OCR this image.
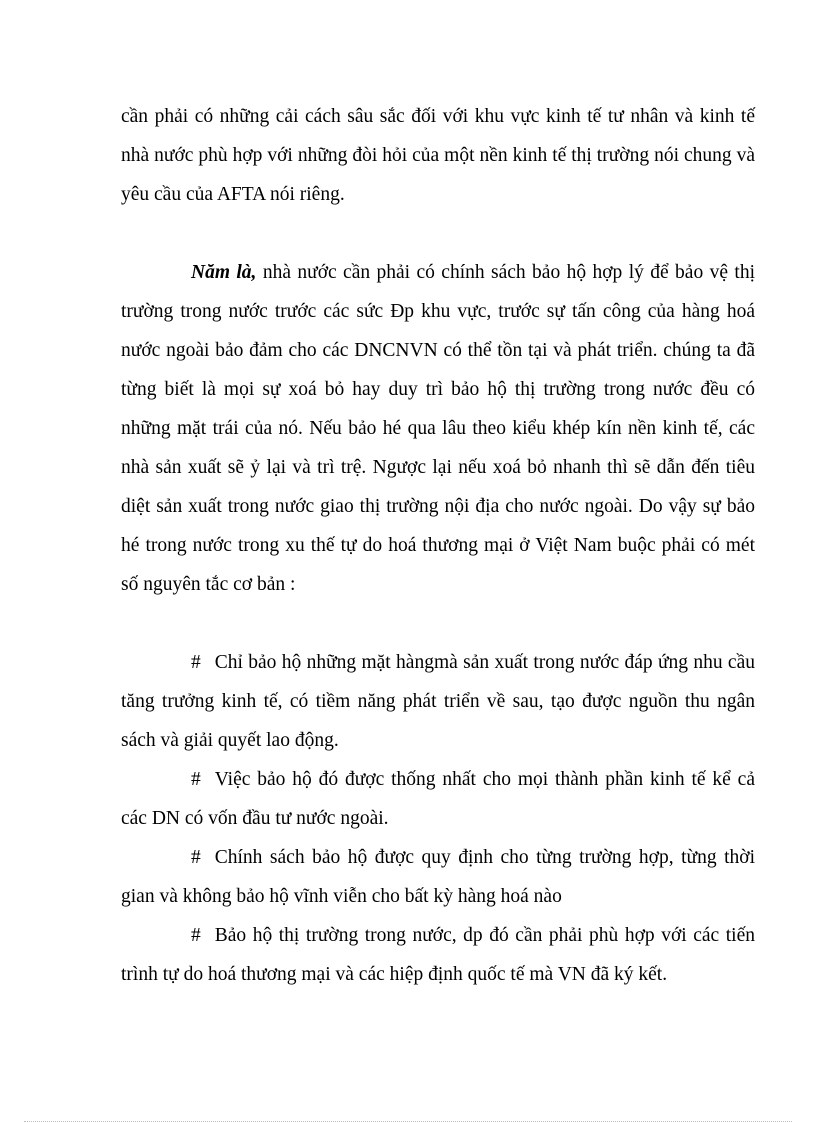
cần phải có những cải cách sâu sắc đối với khu vực kinh tế tư nhân và kinh tế nhà nước phù hợp với những đòi hỏi của một nền kinh tế thị trường nói chung và yêu cầu của AFTA nói riêng.

Năm là, nhà nước cần phải có chính sách bảo hộ hợp lý để bảo vệ thị trường trong nước trước các sức Ðp khu vực, trước sự tấn công của hàng hoá nước ngoài bảo đảm cho các DNCNVN có thể tồn tại và phát triển. chúng ta đã từng biết là mọi sự xoá bỏ hay duy trì bảo hộ thị trường trong nước đều có những mặt trái của nó. Nếu bảo hé qua lâu theo kiểu khép kín nền kinh tế, các nhà sản xuất sẽ ỷ lại và trì trệ. Ngược lại nếu xoá bỏ nhanh thì sẽ dẫn đến tiêu diệt sản xuất trong nước giao thị trường nội địa cho nước ngoài. Do vậy sự bảo hé trong nước trong xu thế tự do hoá thương mại ở Việt Nam buộc phải có mét số nguyên tắc cơ bản :

# Chỉ bảo hộ những mặt hàngmà sản xuất trong nước đáp ứng nhu cầu tăng trưởng kinh tế, có tiềm năng phát triển về sau, tạo được nguồn thu ngân sách và giải quyết lao động.

# Việc bảo hộ đó được thống nhất cho mọi thành phần kinh tế kể cả các DN có vốn đầu tư nước ngoài.

# Chính sách bảo hộ được quy định cho từng trường hợp, từng thời gian và không bảo hộ vĩnh viễn cho bất kỳ hàng hoá nào

# Bảo hộ thị trường trong nước, dp đó cần phải phù hợp với các tiến trình tự do hoá thương mại và các hiệp định quốc tế mà VN đã ký kết.
